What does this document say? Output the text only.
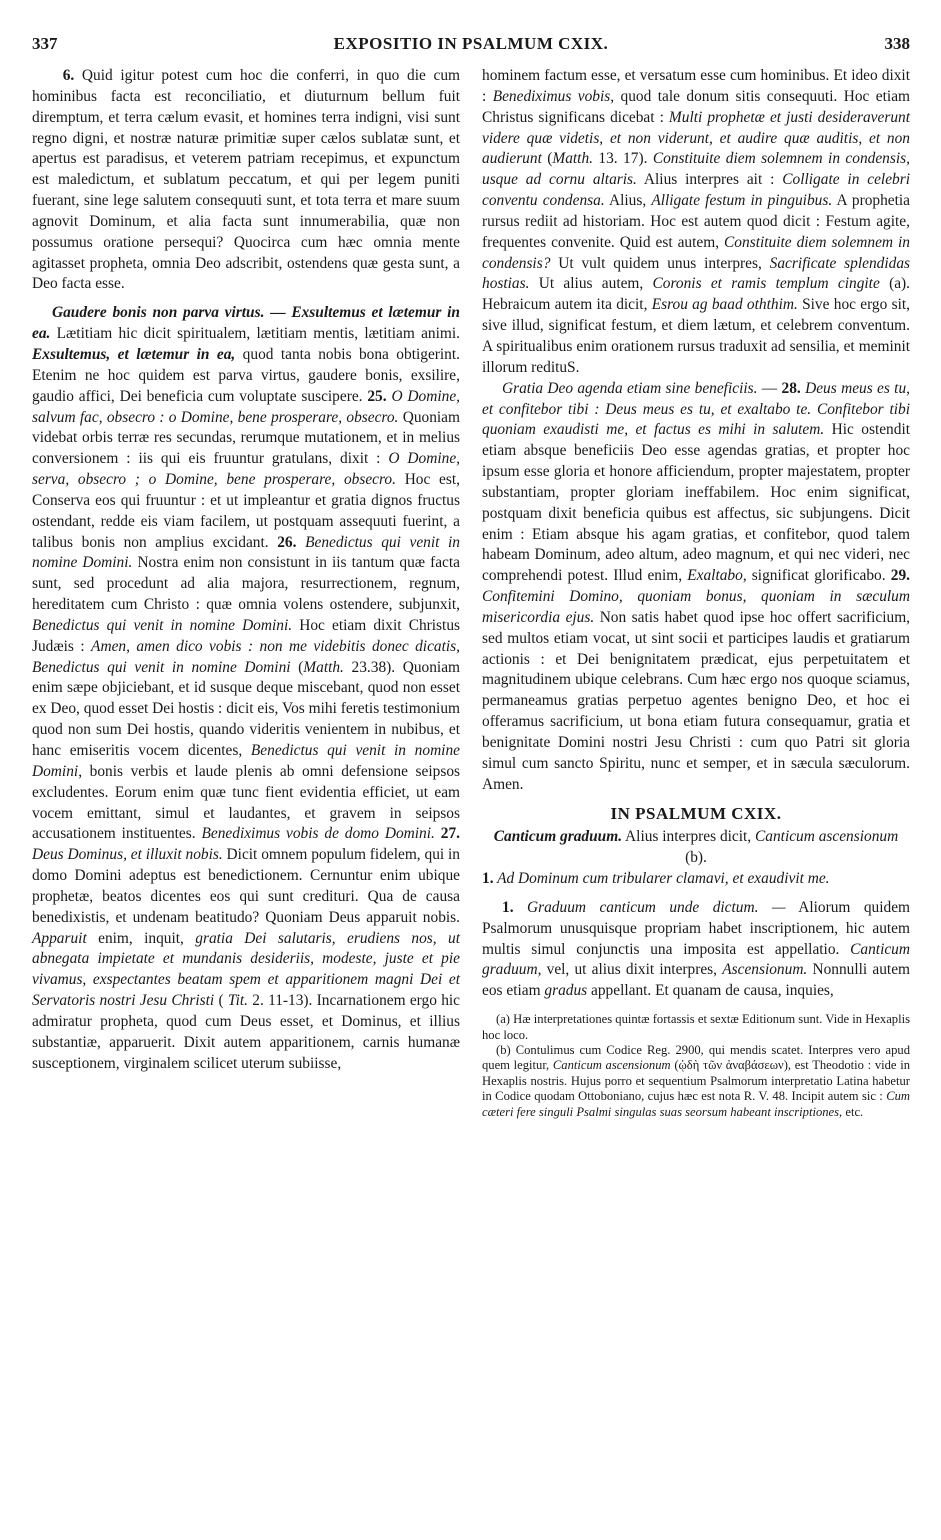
337	EXPOSITIO IN PSALMUM CXIX.	338

6. Quid igitur potest cum hoc die conferri, in quo die cum hominibus facta est reconciliatio, et diuturnum bellum fuit diremptum, et terra cælum evasit, et homines terra indigni, visi sunt regno digni, et nostræ naturæ primitiæ super cælos sublatæ sunt, et apertus est paradisus, et veterem patriam recepimus, et expunctum est maledictum, et sublatum peccatum, et qui per legem puniti fuerant, sine lege salutem consequuti sunt, et tota terra et mare suum agnovit Dominum, et alia facta sunt innumerabilia, quæ non possumus oratione persequi? Quocirca cum hæc omnia mente agitasset propheta, omnia Deo adscribit, ostendens quæ gesta sunt, a Deo facta esse.

Gaudere bonis non parva virtus. — Exsultemus et lætemur in ea. Lætitiam hic dicit spiritualem, lætitiam mentis, lætitiam animi. Exsultemus, et lætemur in ea, quod tanta nobis bona obtigerint. Etenim ne hoc quidem est parva virtus, gaudere bonis, exsilire, gaudio affici, Dei beneficia cum voluptate suscipere. 25. O Domine, salvum fac, obsecro : o Domine, bene prosperare, obsecro. Quoniam videbat orbis terræ res secundas, rerumque mutationem, et in melius conversionem : iis qui eis fruuntur gratulans, dixit : O Domine, serva, obsecro ; o Domine, bene prosperare, obsecro. Hoc est, Conserva eos qui fruuntur : et ut impleantur et gratia dignos fructus ostendant, redde eis viam facilem, ut postquam assequuti fuerint, a talibus bonis non amplius excidant. 26. Benedictus qui venit in nomine Domini. Nostra enim non consistunt in iis tantum quæ facta sunt, sed procedunt ad alia majora, resurrectionem, regnum, hereditatem cum Christo : quæ omnia volens ostendere, subjunxit, Benedictus qui venit in nomine Domini. Hoc etiam dixit Christus Judæis : Amen, amen dico vobis : non me videbitis donec dicatis, Benedictus qui venit in nomine Domini (Matth. 23.38). Quoniam enim sæpe objiciebant, et id susque deque miscebant, quod non esset ex Deo, quod esset Dei hostis : dicit eis, Vos mihi feretis testimonium quod non sum Dei hostis, quando videritis venientem in nubibus, et hanc emiseritis vocem dicentes, Benedictus qui venit in nomine Domini, bonis verbis et laude plenis ab omni defensione seipsos excludentes. Eorum enim quæ tunc fient evidentia efficiet, ut eam vocem emittant, simul et laudantes, et gravem in seipsos accusationem instituentes. Benediximus vobis de domo Domini. 27. Deus Dominus, et illuxit nobis. Dicit omnem populum fidelem, qui in domo Domini adeptus est benedictionem. Cernuntur enim ubique prophetæ, beatos dicentes eos qui sunt crediturі. Qua de causa benedixistis, et undenam beatitudo? Quoniam Deus apparuit nobis. Apparuit enim, inquit, gratia Dei salutaris, erudiens nos, ut abnegata impietate et mundanis desideriis, modeste, juste et pie vivamus, exspectantes beatam spem et apparitionem magni Dei et Servatoris nostri Jesu Christi ( Tit. 2. 11-13). Incarnationem ergo hic admiratur propheta, quod cum Deus esset, et Dominus, et illius substantiæ, apparuerit. Dixit autem apparitionem, carnis humanæ susceptionem, virginalem scilicet uterum subiisse,

hominem factum esse, et versatum esse cum hominibus. Et ideo dixit : Benediximus vobis, quod tale donum sitis consequuti. Hoc etiam Christus significans dicebat : Multi prophetæ et justi desideraverunt videre quæ videtis, et non viderunt, et audire quæ auditis, et non audierunt (Matth. 13. 17). Constituite diem solemnem in condensis, usque ad cornu altaris. Alius interpres ait : Colligate in celebri conventu condensa. Alius, Alligate festum in pinguibus. A prophetia rursus rediit ad historiam. Hoc est autem quod dicit : Festum agite, frequentes convenite. Quid est autem, Constituite diem solemnem in condensis? Ut vult quidem unus interpres, Sacrificate splendidas hostias. Ut alius autem, Coronis et ramis templum cingite (a). Hebraicum autem ita dicit, Esrou ag baad oththim. Sive hoc ergo sit, sive illud, significat festum, et diem lætum, et celebrem conventum. A spiritualibus enim orationem rursus traduxit ad sensilia, et meminit illorum redituS.

Gratia Deo agenda etiam sine beneficiis. — 28. Deus meus es tu, et confitebor tibi : Deus meus es tu, et exaltabo te. Confitebor tibi quoniam exaudisti me, et factus es mihi in salutem. Hic ostendit etiam absque beneficiis Deo esse agendas gratias, et propter hoc ipsum esse gloria et honore afficiendum, propter majestatem, propter substantiam, propter gloriam ineffabilem. Hoc enim significat, postquam dixit beneficia quibus est affectus, sic subjungens. Dicit enim : Etiam absque his agam gratias, et confitebor, quod talem habeam Dominum, adeo altum, adeo magnum, et qui nec videri, nec comprehendi potest. Illud enim, Exaltabo, significat glorificabo. 29. Confitemini Domino, quoniam bonus, quoniam in sæculum misericordia ejus. Non satis habet quod ipse hoc offert sacrificium, sed multos etiam vocat, ut sint socii et participes laudis et gratiarum actionis : et Dei benignitatem prædicat, ejus perpetuitatem et magnitudinem ubique celebrans. Cum hæc ergo nos quoque sciamus, permaneamus gratias perpetuo agentes benigno Deo, et hoc ei offeramus sacrificium, ut bona etiam futura consequamur, gratia et benignitate Domini nostri Jesu Christi : cum quo Patri sit gloria simul cum sancto Spiritu, nunc et semper, et in sæcula sæculorum. Amen.

IN PSALMUM CXIX.

Canticum graduum. Alius interpres dicit, Canticum ascensionum (b).

1. Ad Dominum cum tribularer clamavi, et exaudivit me.

1. Graduum canticum unde dictum. — Aliorum quidem Psalmorum unusquisque propriam habet inscriptionem, hic autem multis simul conjunctis una imposita est appellatio. Canticum graduum, vel, ut alius dixit interpres, Ascensionum. Nonnulli autem eos etiam gradus appellant. Et quanam de causa, inquies,

(a) Hæ interpretationes quintæ fortassis et sextæ Editionum sunt. Vide in Hexaplis hoc loco.

(b) Contulimus cum Codice Reg. 2900, qui mendis scatet. Interpres vero apud quem legitur, Canticum ascensionum (ᾠδὴ τῶν ἀναβάσεων), est Theodotio : vide in Hexaplis nostris. Hujus porro et sequentium Psalmorum interpretatio Latina habetur in Codice quodam Ottoboniano, cujus hæc est nota R. V. 48. Incipit autem sic : Cum cæteri fere singuli Psalmi singulas suas seorsum habeant inscriptiones, etc.
